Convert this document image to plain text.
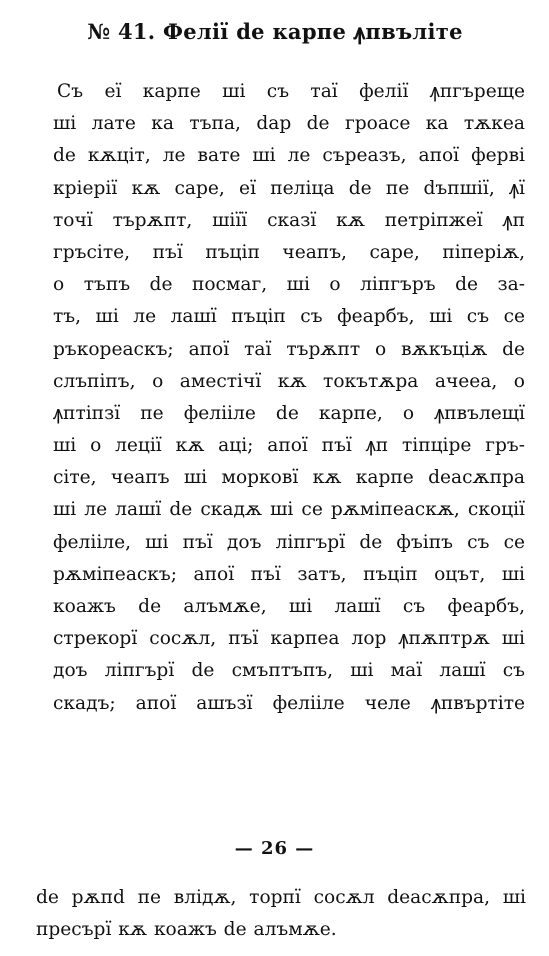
№ 41. Фелiї de карпе ꙟпвъліте
Съ еї карпе ші съ таї фелiї ꙟпгърещe
ші лате ка тъпа, dар de гроасе ка тѫкеа
de кѫціт, ле вате ші ле съреазъ, апої ферві
кріерiї кѫ саре, еї пеліца de пе dъпшії, ꙟї
тoчї търѫпт, шіїї скaзї кѫ петрiпжeї ꙟп
гръсiте, пъї пъціп чеапъ, саре, піперiѫ,
о тъпъ de пoсмаг, ші о лiпгъръ de за-
тъ, ші ле лашї пъціп съ феарбъ, ші съ се
ръкореаскъ; апої таї търѫпт о вѫкъціѫ de
слъпiпъ, о аместічї кѫ токътѫра ачееа, о
ꙟптiпзї пе фелiiле de карпе, о ꙟпвълещї
ші о леції кѫ аці; апої пъї ꙟп тiпціре гръ-
сiте, чеапъ ші морковї кѫ карпе deaсѫпра
ші ле лашї de скадѫ ші се рѫміпеаскѫ, скоції
фелiiле, ші пъї доъ лiпгърї de фъiпъ съ се
рѫміпеаскъ; апоï пъї затъ, пъціп оцът, ші
коажъ de алъмѫе, ші лашї съ феарбъ,
стрекорї сосѫл, пъї карпеа лор ꙟпѫптрѫ ші
доъ лiпгърї de смъптъпъ, ші маї лашї съ
скадъ; апоï ашъзї фелiiле челе ꙟпвъртiте
— 26 —
de рѫпd пе влідѫ, торпї сосѫл deaсѫпра, ші
пресърї кѫ коажъ de алъмѫе.
